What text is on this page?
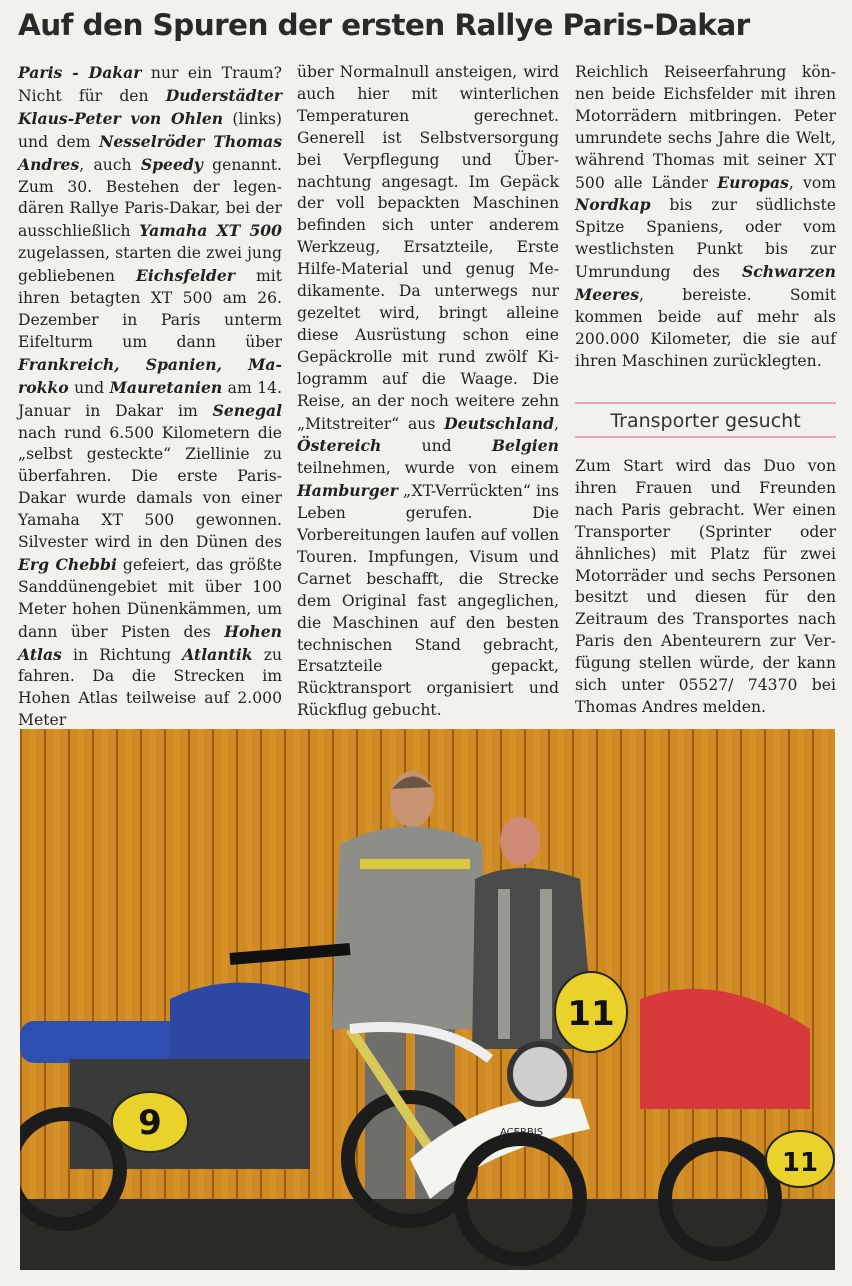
Auf den Spuren der ersten Rallye Paris-Dakar
Paris - Dakar nur ein Traum? Nicht für den Duderstädter Klaus-Peter von Ohlen (links) und dem Nesselröder Thomas Andres, auch Speedy genannt. Zum 30. Bestehen der legendären Rallye Paris-Dakar, bei der ausschließlich Yamaha XT 500 zugelassen, starten die zwei jung gebliebenen Eichsfelder mit ihren betagten XT 500 am 26. Dezember in Paris unterm Eifelturm um dann über Frankreich, Spanien, Marokko und Mauretanien am 14. Januar in Dakar im Senegal nach rund 6.500 Kilometern die „selbst gesteckte“ Ziellinie zu überfahren. Die erste Paris-Dakar wurde damals von einer Yamaha XT 500 gewonnen. Silvester wird in den Dünen des Erg Chebbi gefeiert, das größte Sanddünengebiet mit über 100 Meter hohen Dünenkämmen, um dann über Pisten des Hohen Atlas in Richtung Atlantik zu fahren. Da die Strecken im Hohen Atlas teilweise auf 2.000 Meter
über Normalnull ansteigen, wird auch hier mit winterlichen Temperaturen gerechnet. Generell ist Selbstversorgung bei Verpflegung und Übernachtung angesagt. Im Gepäck der voll bepackten Maschinen befinden sich unter anderem Werkzeug, Ersatzteile, Erste Hilfe-Material und genug Medikamente. Da unterwegs nur gezeltet wird, bringt alleine diese Ausrüstung schon eine Gepäckrolle mit rund zwölf Kilogramm auf die Waage. Die Reise, an der noch weitere zehn „Mitstreiter“ aus Deutschland, Östereich und Belgien teilnehmen, wurde von einem Hamburger „XT-Verrückten“ ins Leben gerufen. Die Vorbereitungen laufen auf vollen Touren. Impfungen, Visum und Carnet beschafft, die Strecke dem Original fast angeglichen, die Maschinen auf den besten technischen Stand gebracht, Ersatzteile gepackt, Rücktransport organisiert und Rückflug gebucht.
Reichlich Reiseerfahrung können beide Eichsfelder mit ihren Motorrädern mitbringen. Peter umrundete sechs Jahre die Welt, während Thomas mit seiner XT 500 alle Länder Europas, vom Nordkap bis zur südlichste Spitze Spaniens, oder vom westlichsten Punkt bis zur Umrundung des Schwarzen Meeres, bereiste. Somit kommen beide auf mehr als 200.000 Kilometer, die sie auf ihren Maschinen zurücklegten.
Transporter gesucht
Zum Start wird das Duo von ihren Frauen und Freunden nach Paris gebracht. Wer einen Transporter (Sprinter oder ähnliches) mit Platz für zwei Motorräder und sechs Personen besitzt und diesen für den Zeitraum des Transportes nach Paris den Abenteurern zur Verfügung stellen würde, der kann sich unter 05527/ 74370 bei Thomas Andres melden.
9	ACERBIS
11
11
